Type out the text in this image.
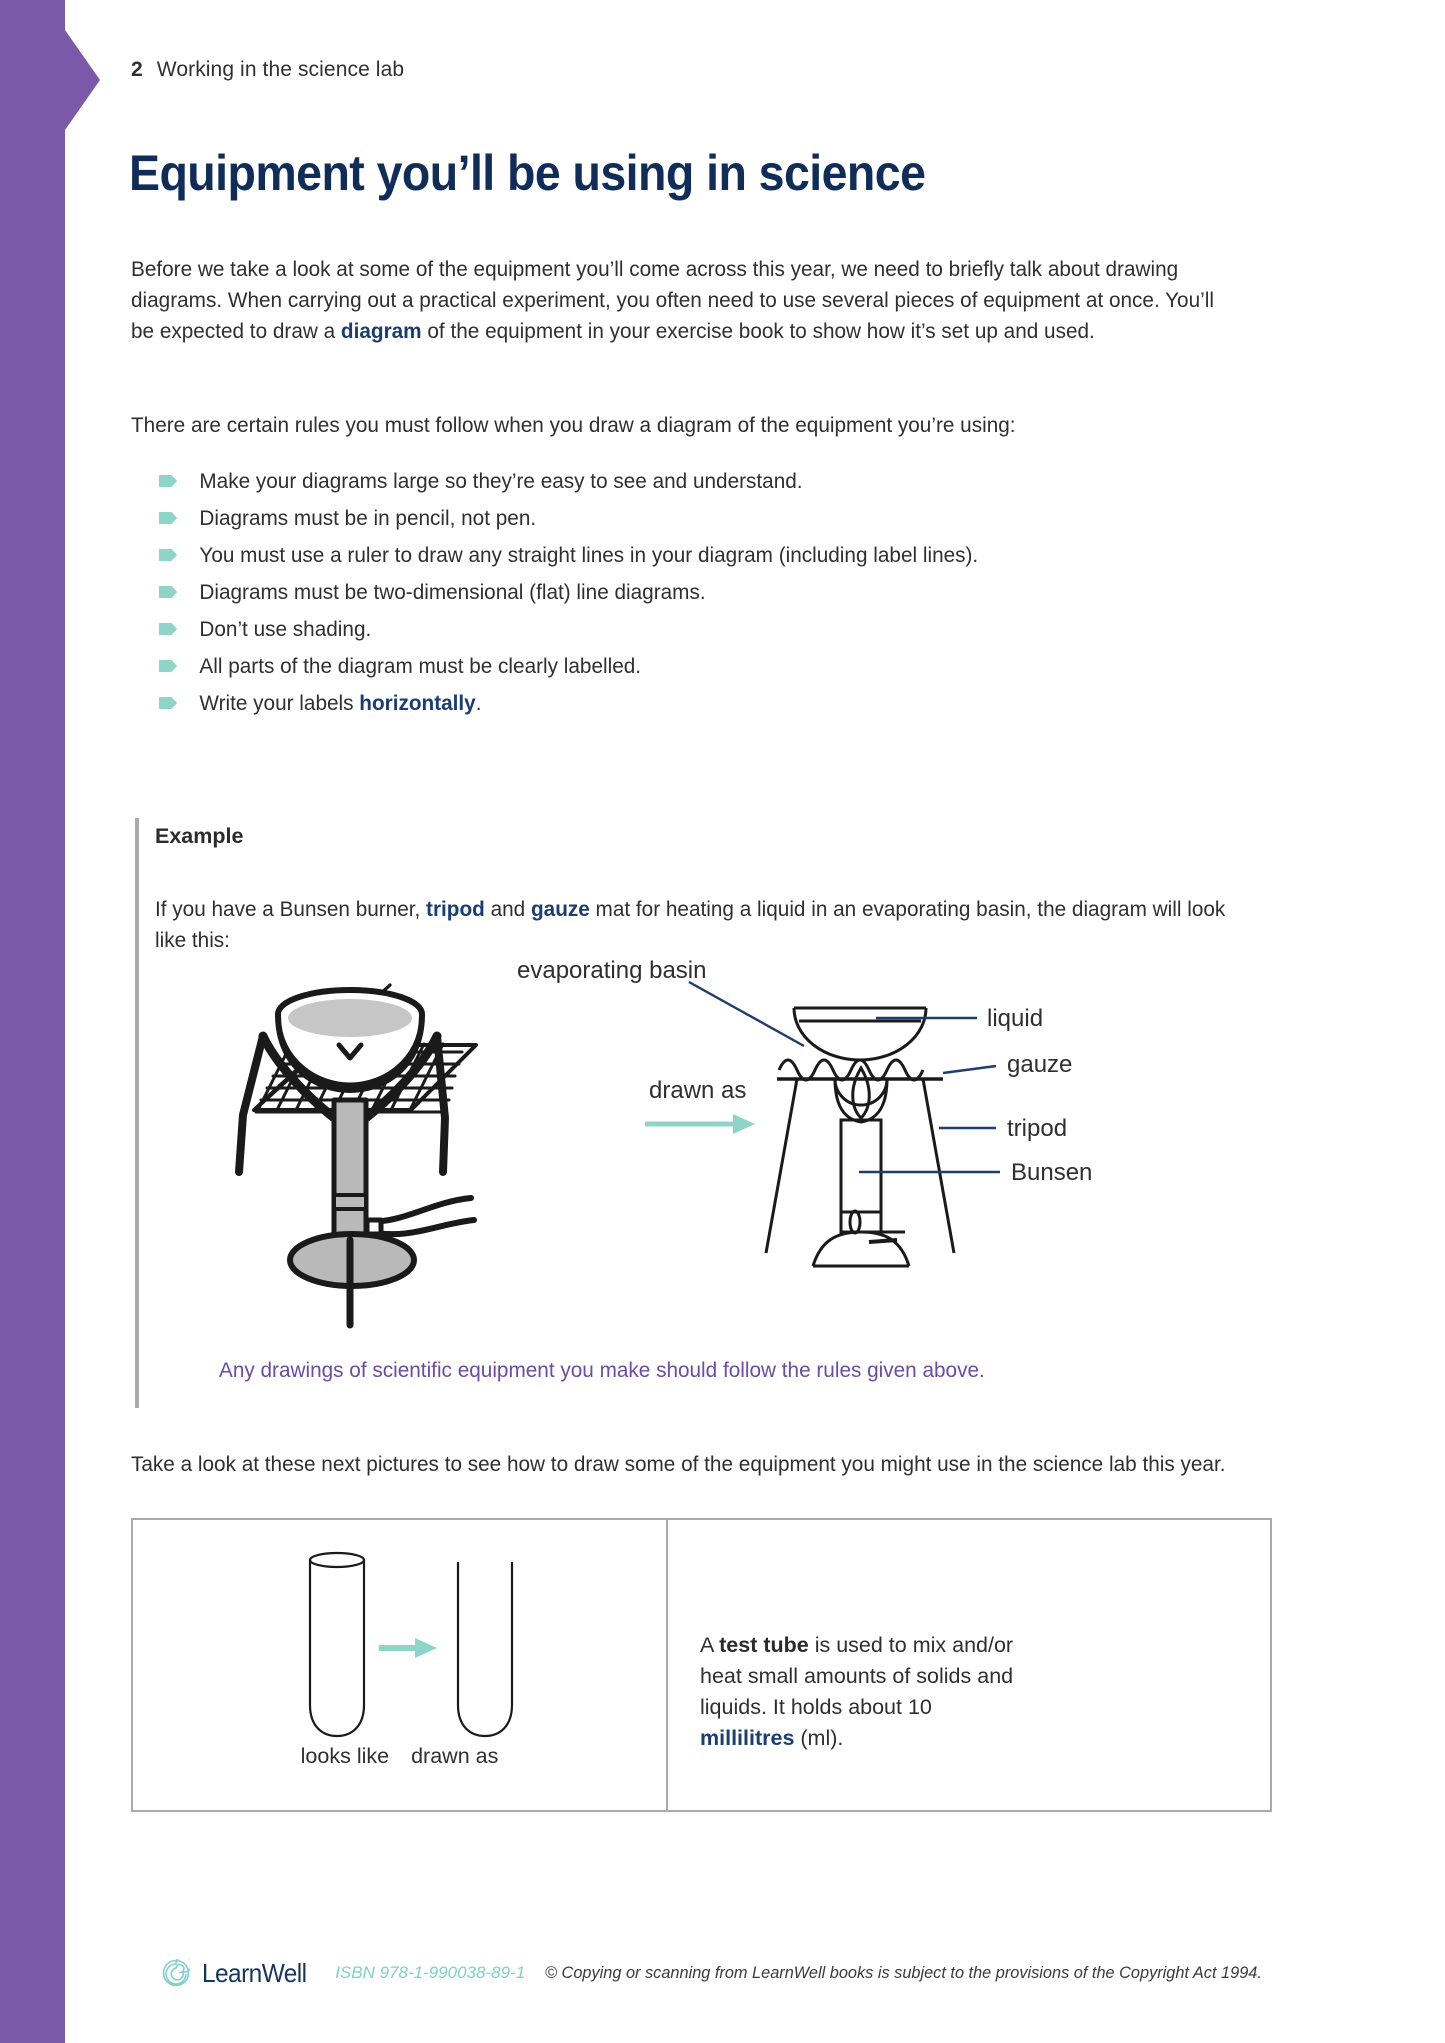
2 Working in the science lab
Equipment you’ll be using in science

Before we take a look at some of the equipment you’ll come across this year, we need to briefly talk about drawing diagrams. When carrying out a practical experiment, you often need to use several pieces of equipment at once. You’ll be expected to draw a diagram of the equipment in your exercise book to show how it’s set up and used.

There are certain rules you must follow when you draw a diagram of the equipment you’re using:

Make your diagrams large so they’re easy to see and understand.
Diagrams must be in pencil, not pen.
You must use a ruler to draw any straight lines in your diagram (including label lines).
Diagrams must be two-dimensional (flat) line diagrams.
Don’t use shading.
All parts of the diagram must be clearly labelled.
Write your labels horizontally.
Example

If you have a Bunsen burner, tripod and gauze mat for heating a liquid in an evaporating basin, the diagram will look like this:

drawn as
evaporating basin
liquid
gauze
tripod
Bunsen

Any drawings of scientific equipment you make should follow the rules given above.

Take a look at these next pictures to see how to draw some of the equipment you might use in the science lab this year.

looks like drawn as

A test tube is used to mix and/or heat small amounts of solids and liquids. It holds about 10 millilitres (ml).

LearnWell ISBN 978-1-990038-89-1 © Copying or scanning from LearnWell books is subject to the provisions of the Copyright Act 1994.
